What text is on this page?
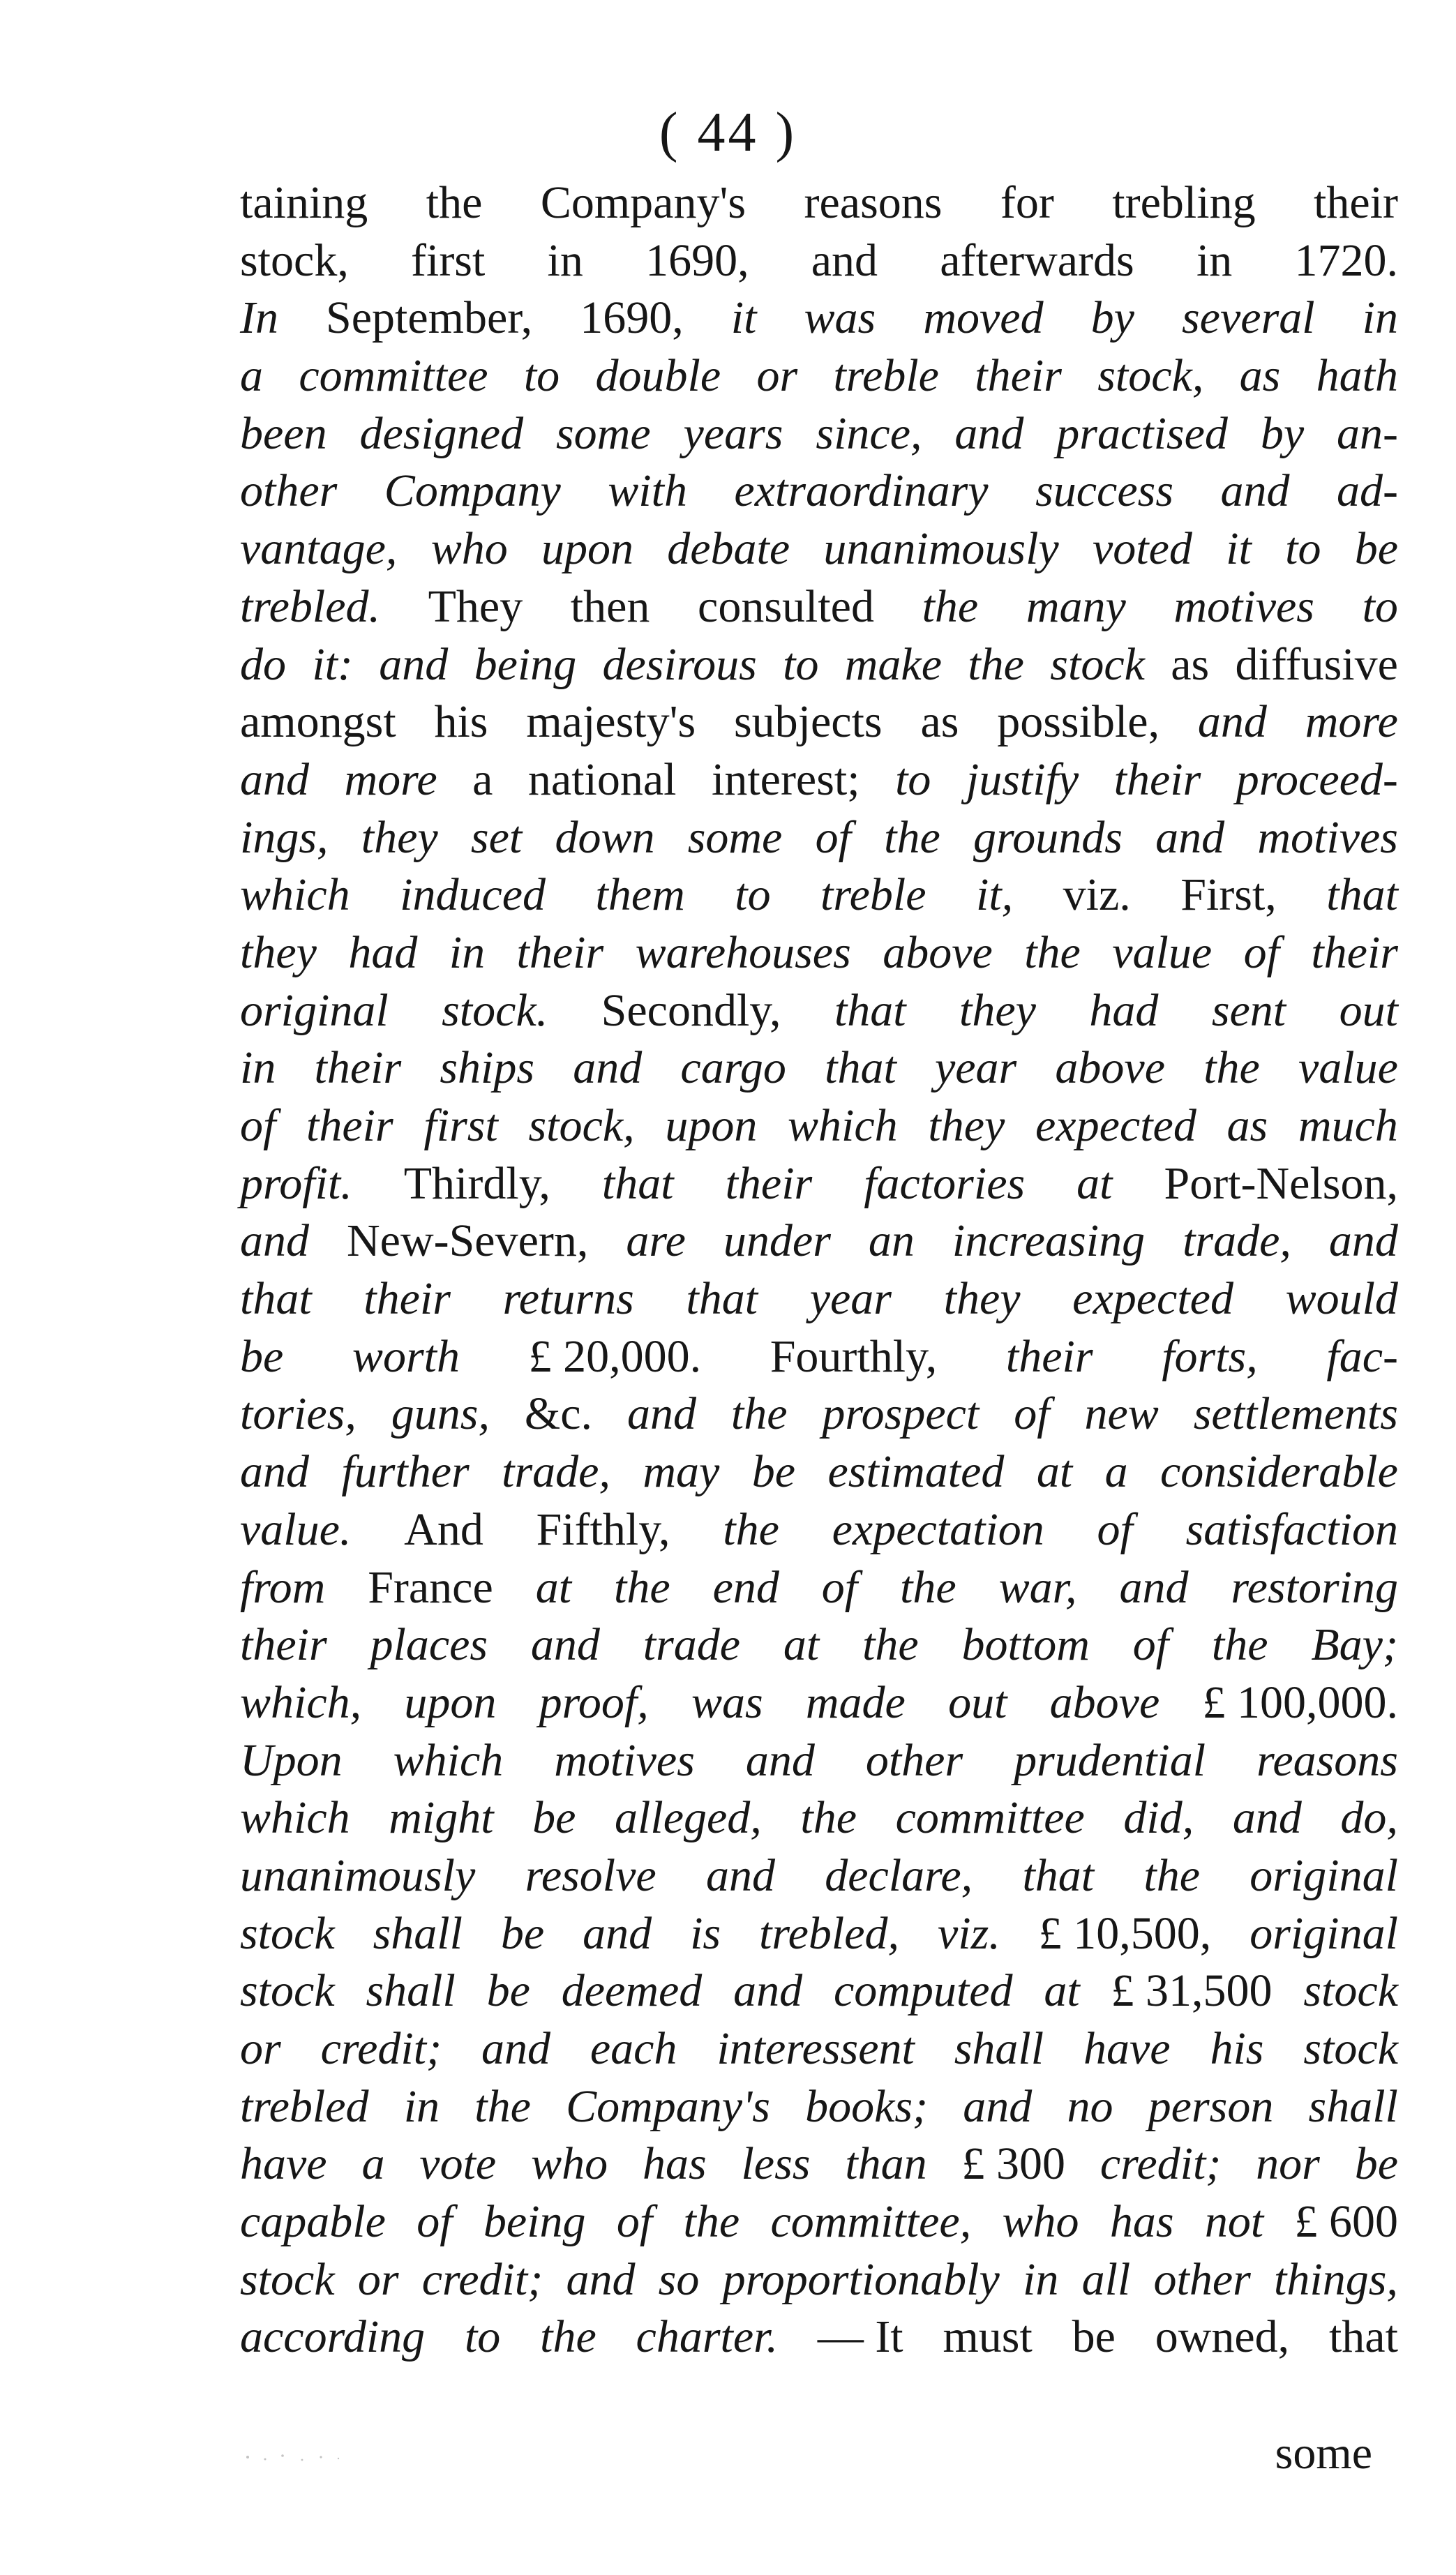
( 44 )
taining the Company's reasons for trebling their
stock, first in 1690, and afterwards in 1720.
In September, 1690, it was moved by several in
a committee to double or treble their stock, as hath
been designed some years since, and practised by an-
other Company with extraordinary success and ad-
vantage, who upon debate unanimously voted it to be
trebled. They then consulted the many motives to
do it: and being desirous to make the stock as diffusive
amongst his majesty's subjects as possible, and more
and more a national interest; to justify their proceed-
ings, they set down some of the grounds and motives
which induced them to treble it, viz. First, that
they had in their warehouses above the value of their
original stock. Secondly, that they had sent out
in their ships and cargo that year above the value
of their first stock, upon which they expected as much
profit. Thirdly, that their factories at Port-Nelson,
and New-Severn, are under an increasing trade, and
that their returns that year they expected would
be worth £ 20,000. Fourthly, their forts, fac-
tories, guns, &c. and the prospect of new settlements
and further trade, may be estimated at a considerable
value. And Fifthly, the expectation of satisfaction
from France at the end of the war, and restoring
their places and trade at the bottom of the Bay;
which, upon proof, was made out above £ 100,000.
Upon which motives and other prudential reasons
which might be alleged, the committee did, and do,
unanimously resolve and declare, that the original
stock shall be and is trebled, viz. £ 10,500, original
stock shall be deemed and computed at £ 31,500 stock
or credit; and each interessent shall have his stock
trebled in the Company's books; and no person shall
have a vote who has less than £ 300 credit; nor be
capable of being of the committee, who has not £ 600
stock or credit; and so proportionably in all other things,
according to the charter. — It must be owned, that
some
